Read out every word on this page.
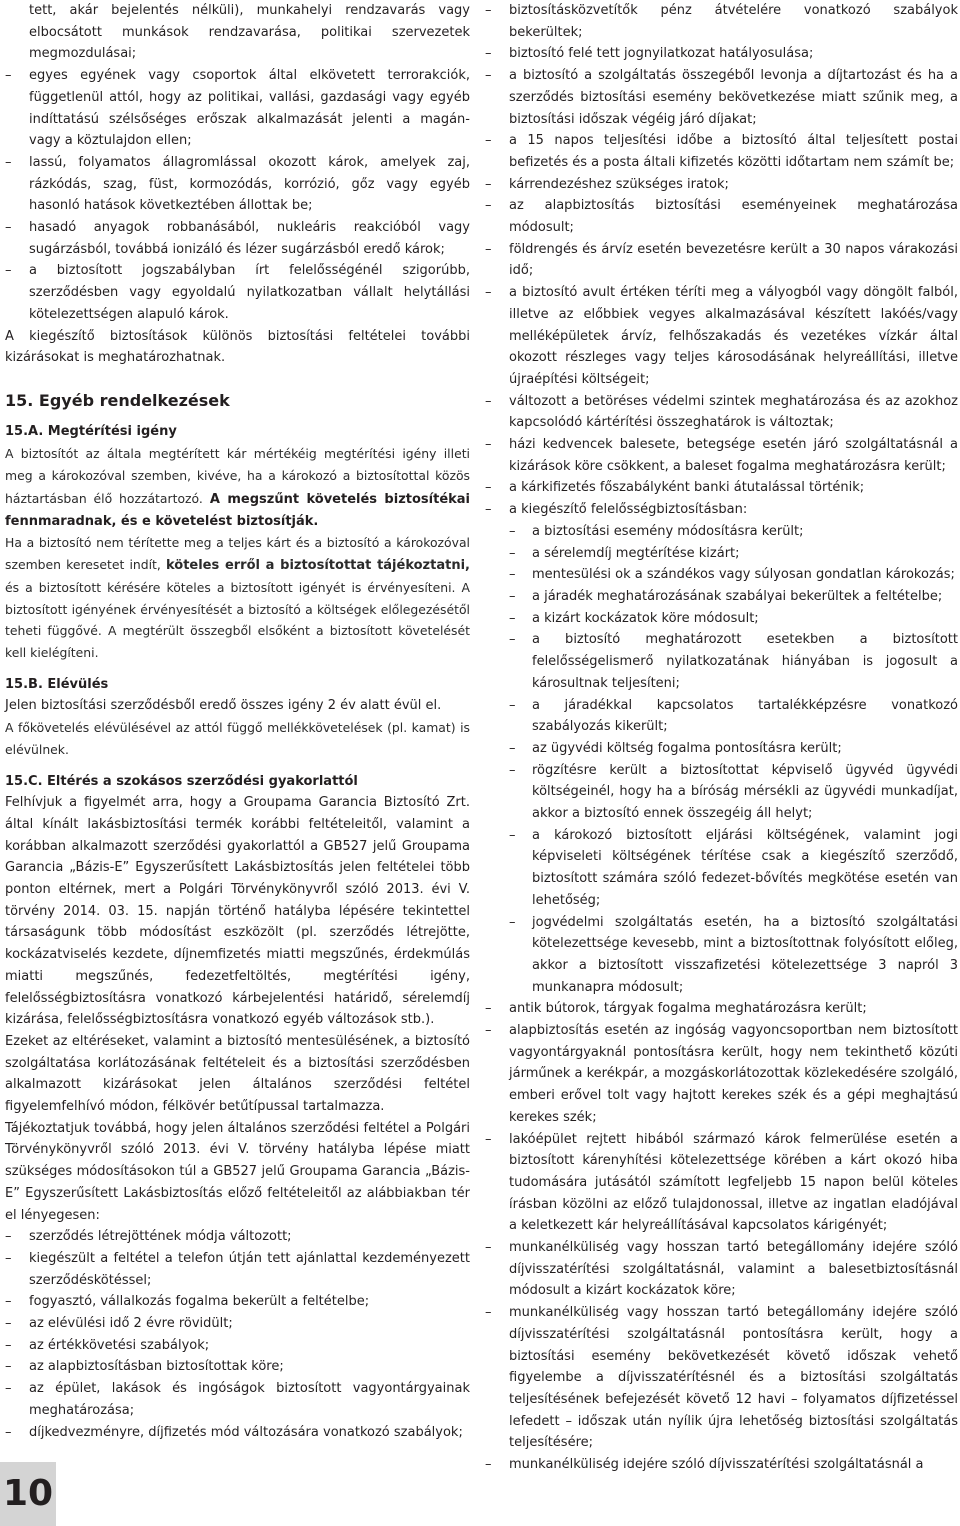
tett, akár bejelentés nélküli), munkahelyi rendzavarás vagy elbocsátott munkások rendzavarása, politikai szervezetek megmozdulásai;

– egyes egyének vagy csoportok által elkövetett terrorakciók, függetlenül attól, hogy az politikai, vallási, gazdasági vagy egyéb indíttatású szélsőséges erőszak alkalmazását jelenti a magán- vagy a köztulajdon ellen;

– lassú, folyamatos állagromlással okozott károk, amelyek zaj, rázkódás, szag, füst, kormozódás, korrózió, gőz vagy egyéb hasonló hatások következtében állottak be;

– hasadó anyagok robbanásából, nukleáris reakcióból vagy sugárzásból, továbbá ionizáló és lézer sugárzásból eredő károk;

– a biztosított jogszabályban írt felelősségénél szigorúbb, szerződésben vagy egyoldalú nyilatkozatban vállalt helytállási kötelezettségen alapuló károk.

A kiegészítő biztosítások különös biztosítási feltételei további kizárásokat is meghatározhatnak.

15. Egyéb rendelkezések
15.A. Megtérítési igény

A biztosítót az általa megtérített kár mértékéig megtérítési igény illeti meg a károkozóval szemben, kivéve, ha a károkozó a biztosítottal közös háztartásban élő hozzátartozó. A megszűnt követelés biztosítékai fennmaradnak, és e követelést biztosítják.

Ha a biztosító nem térítette meg a teljes kárt és a biztosító a károkozóval szemben keresetet indít, köteles erről a biztosítottat tájékoztatni, és a biztosított kérésére köteles a biztosított igényét is érvényesíteni. A biztosított igényének érvényesítését a biztosító a költségek előlegezésétől teheti függővé. A megtérült összegből elsőként a biztosított követelését kell kielégíteni.

15.B. Elévülés

Jelen biztosítási szerződésből eredő összes igény 2 év alatt évül el.

A főkövetelés elévülésével az attól függő mellékkövetelések (pl. kamat) is elévülnek.

15.C. Eltérés a szokásos szerződési gyakorlattól

Felhívjuk a figyelmét arra, hogy a Groupama Garancia Biztosító Zrt. által kínált lakásbiztosítási termék korábbi feltételeitől, valamint a korábban alkalmazott szerződési gyakorlattól a GB527 jelű Groupama Garancia „Bázis-E” Egyszerűsített Lakásbiztosítás jelen feltételei több ponton eltérnek, mert a Polgári Törvénykönyvről szóló 2013. évi V. törvény 2014. 03. 15. napján történő hatályba lépésére tekintettel társaságunk több módosítást eszközölt (pl. szerződés létrejötte, kockázatviselés kezdete, díjnemfizetés miatti megszűnés, érdekmúlás miatti megszűnés, fedezetfeltöltés, megtérítési igény, felelősségbiztosításra vonatkozó kárbejelentési határidő, sérelemdíj kizárása, felelősségbiztosításra vonatkozó egyéb változások stb.).

Ezeket az eltéréseket, valamint a biztosító mentesülésének, a biztosító szolgáltatása korlátozásának feltételeit és a biztosítási szerződésben alkalmazott kizárásokat jelen általános szerződési feltétel figyelemfelhívó módon, félkövér betűtípussal tartalmazza.

Tájékoztatjuk továbbá, hogy jelen általános szerződési feltétel a Polgári Törvénykönyvről szóló 2013. évi V. törvény hatályba lépése miatt szükséges módosításokon túl a GB527 jelű Groupama Garancia „Bázis-E” Egyszerűsített Lakásbiztosítás előző feltételeitől az alábbiakban tér el lényegesen:

– szerződés létrejöttének módja változott;

– kiegészült a feltétel a telefon útján tett ajánlattal kezdeményezett szerződéskötéssel;

– fogyasztó, vállalkozás fogalma bekerült a feltételbe;

– az elévülési idő 2 évre rövidült;

– az értékkövetési szabályok;

– az alapbiztosításban biztosítottak köre;

– az épület, lakások és ingóságok biztosított vagyontárgyainak meghatározása;

– díjkedvezményre, díjfizetés mód változására vonatkozó szabályok;

– biztosításközvetítők pénz átvételére vonatkozó szabályok bekerültek;

– biztosító felé tett jognyilatkozat hatályosulása;

– a biztosító a szolgáltatás összegéből levonja a díjtartozást és ha a szerződés biztosítási esemény bekövetkezése miatt szűnik meg, a biztosítási időszak végéig járó díjakat;

– a 15 napos teljesítési időbe a biztosító által teljesített postai befizetés és a posta általi kifizetés közötti időtartam nem számít be;

– kárrendezéshez szükséges iratok;

– az alapbiztosítás biztosítási eseményeinek meghatározása módosult;

– földrengés és árvíz esetén bevezetésre került a 30 napos várakozási idő;

– a biztosító avult értéken téríti meg a vályogból vagy döngölt falból, illetve az előbbiek vegyes alkalmazásával készített lakóés/vagy melléképületek árvíz, felhőszakadás és vezetékes vízkár által okozott részleges vagy teljes károsodásának helyreállítási, illetve újraépítési költségeit;

– változott a betöréses védelmi szintek meghatározása és az azokhoz kapcsolódó kártérítési összeghatárok is változtak;

– házi kedvencek balesete, betegsége esetén járó szolgáltatásnál a kizárások köre csökkent, a baleset fogalma meghatározásra került;

– a kárkifizetés főszabályként banki átutalással történik;

– a kiegészítő felelősségbiztosításban:

– a biztosítási esemény módosításra került;

– a sérelemdíj megtérítése kizárt;

– mentesülési ok a szándékos vagy súlyosan gondatlan károkozás;

– a járadék meghatározásának szabályai bekerültek a feltételbe;

– a kizárt kockázatok köre módosult;

– a biztosító meghatározott esetekben a biztosított felelősségelismerő nyilatkozatának hiányában is jogosult a károsultnak teljesíteni;

– a járadékkal kapcsolatos tartalékképzésre vonatkozó szabályozás kikerült;

– az ügyvédi költség fogalma pontosításra került;

– rögzítésre került a biztosítottat képviselő ügyvéd ügyvédi költségeinél, hogy ha a bíróság mérsékli az ügyvédi munkadíjat, akkor a biztosító ennek összegéig áll helyt;

– a károkozó biztosított eljárási költségének, valamint jogi képviseleti költségének térítése csak a kiegészítő szerződő, biztosított számára szóló fedezet-bővítés megkötése esetén van lehetőség;

– jogvédelmi szolgáltatás esetén, ha a biztosító szolgáltatási kötelezettsége kevesebb, mint a biztosítottnak folyósított előleg, akkor a biztosított visszafizetési kötelezettsége 3 napról 3 munkanapra módosult;

– antik bútorok, tárgyak fogalma meghatározásra került;

– alapbiztosítás esetén az ingóság vagyoncsoportban nem biztosított vagyontárgyaknál pontosításra került, hogy nem tekinthető közúti járműnek a kerékpár, a mozgáskorlátozottak közlekedésére szolgáló, emberi erővel tolt vagy hajtott kerekes szék és a gépi meghajtású kerekes szék;

– lakóépület rejtett hibából származó károk felmerülése esetén a biztosított kárenyhítési kötelezettsége körében a kárt okozó hiba tudomására jutásától számított legfeljebb 15 napon belül köteles írásban közölni az előző tulajdonossal, illetve az ingatlan eladójával a keletkezett kár helyreállításával kapcsolatos kárigényét;

– munkanélküliség vagy hosszan tartó betegállomány idejére szóló díjvisszatérítési szolgáltatásnál, valamint a balesetbiztosításnál módosult a kizárt kockázatok köre;

– munkanélküliség vagy hosszan tartó betegállomány idejére szóló díjvisszatérítési szolgáltatásnál pontosításra került, hogy a biztosítási esemény bekövetkezését követő időszak vehető figyelembe a díjvisszatérítésnél és a biztosítási szolgáltatás teljesítésének befejezését követő 12 havi – folyamatos díjfizetéssel lefedett – időszak után nyílik újra lehetőség biztosítási szolgáltatás teljesítésére;

– munkanélküliség idejére szóló díjvisszatérítési szolgáltatásnál a

10
